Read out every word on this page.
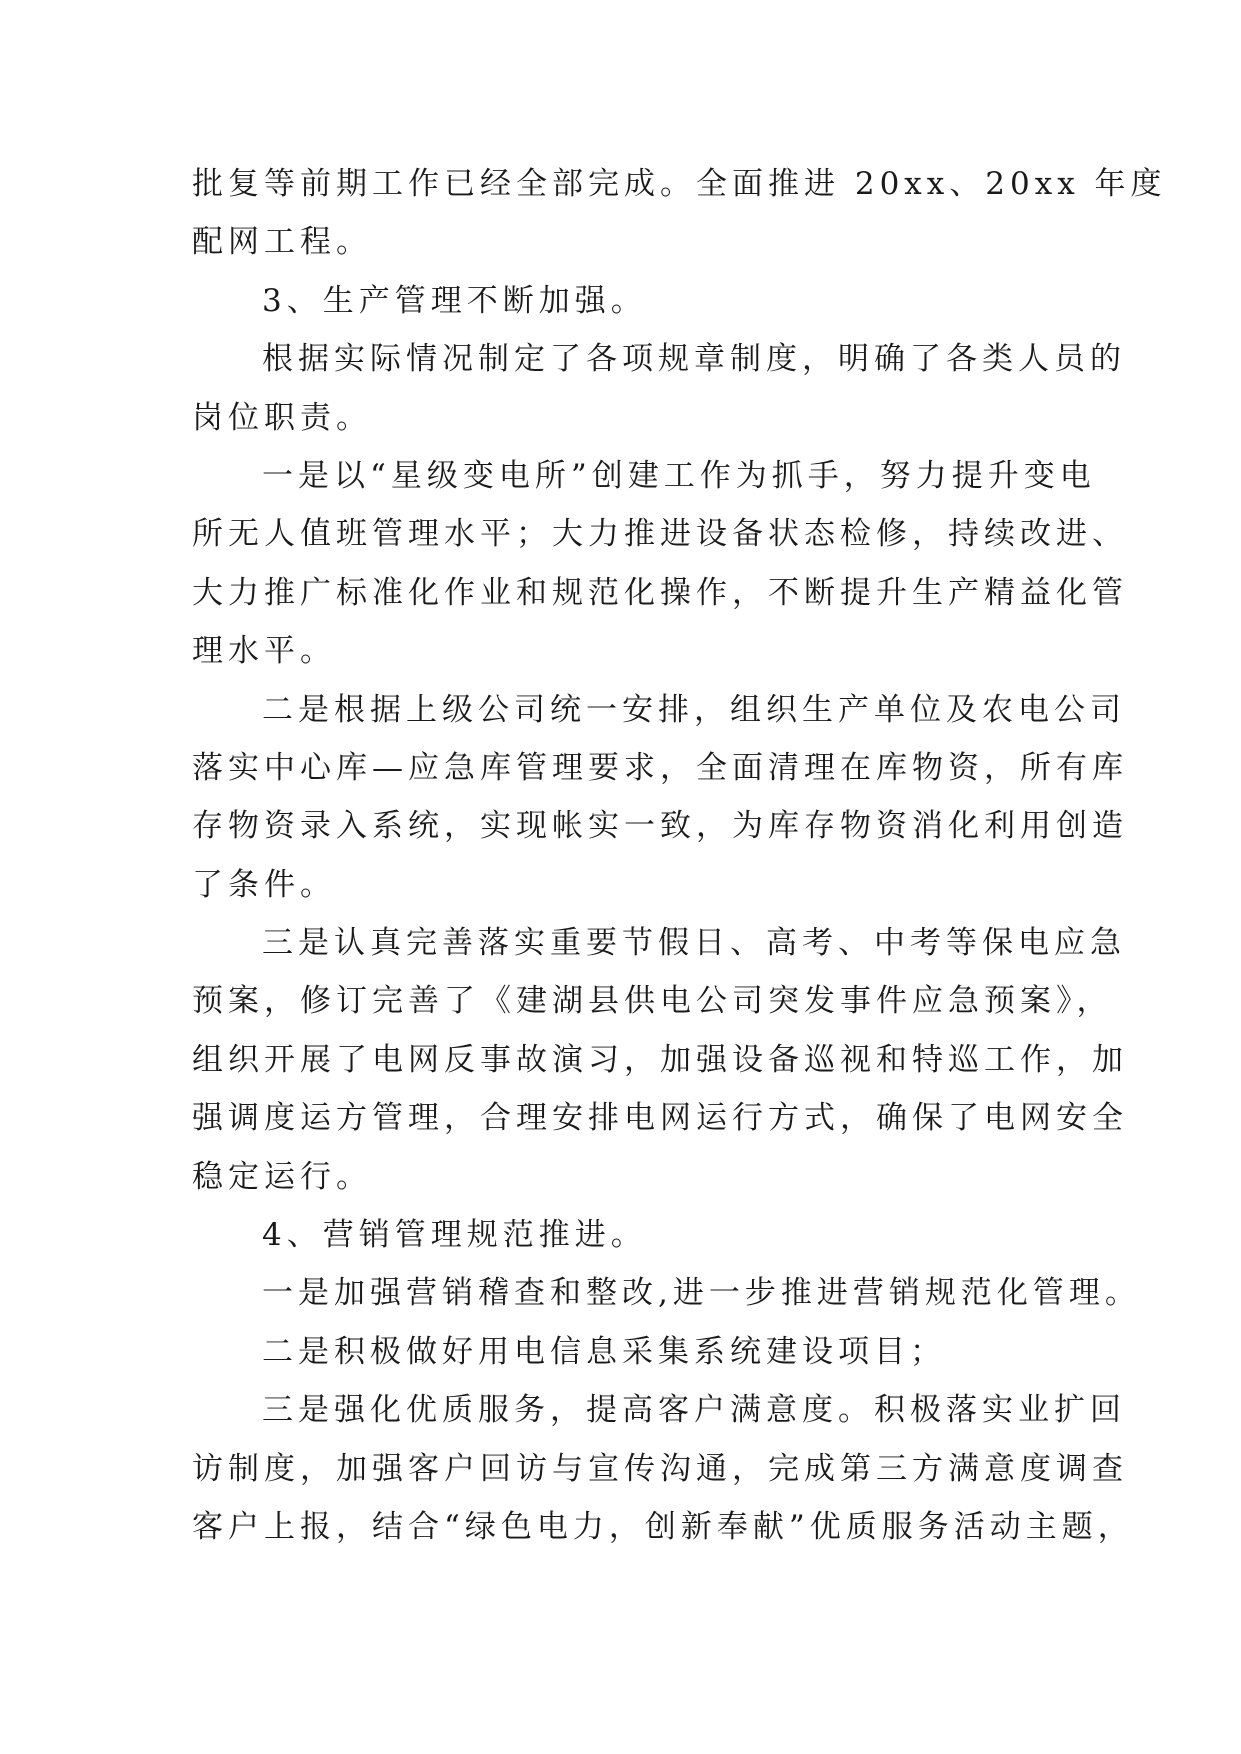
批复等前期工作已经全部完成。全面推进 20xx、20xx 年度
配网工程。
3、生产管理不断加强。
根据实际情况制定了各项规章制度，明确了各类人员的
岗位职责。
一是以“星级变电所”创建工作为抓手，努力提升变电
所无人值班管理水平；大力推进设备状态检修，持续改进、
大力推广标准化作业和规范化操作，不断提升生产精益化管
理水平。
二是根据上级公司统一安排，组织生产单位及农电公司
落实中心库—应急库管理要求，全面清理在库物资，所有库
存物资录入系统，实现帐实一致，为库存物资消化利用创造
了条件。
三是认真完善落实重要节假日、高考、中考等保电应急
预案，修订完善了《建湖县供电公司突发事件应急预案》，
组织开展了电网反事故演习，加强设备巡视和特巡工作，加
强调度运方管理，合理安排电网运行方式，确保了电网安全
稳定运行。
4、营销管理规范推进。
一是加强营销稽查和整改,进一步推进营销规范化管理。
二是积极做好用电信息采集系统建设项目；
三是强化优质服务，提高客户满意度。积极落实业扩回
访制度，加强客户回访与宣传沟通，完成第三方满意度调查
客户上报，结合“绿色电力，创新奉献”优质服务活动主题，
